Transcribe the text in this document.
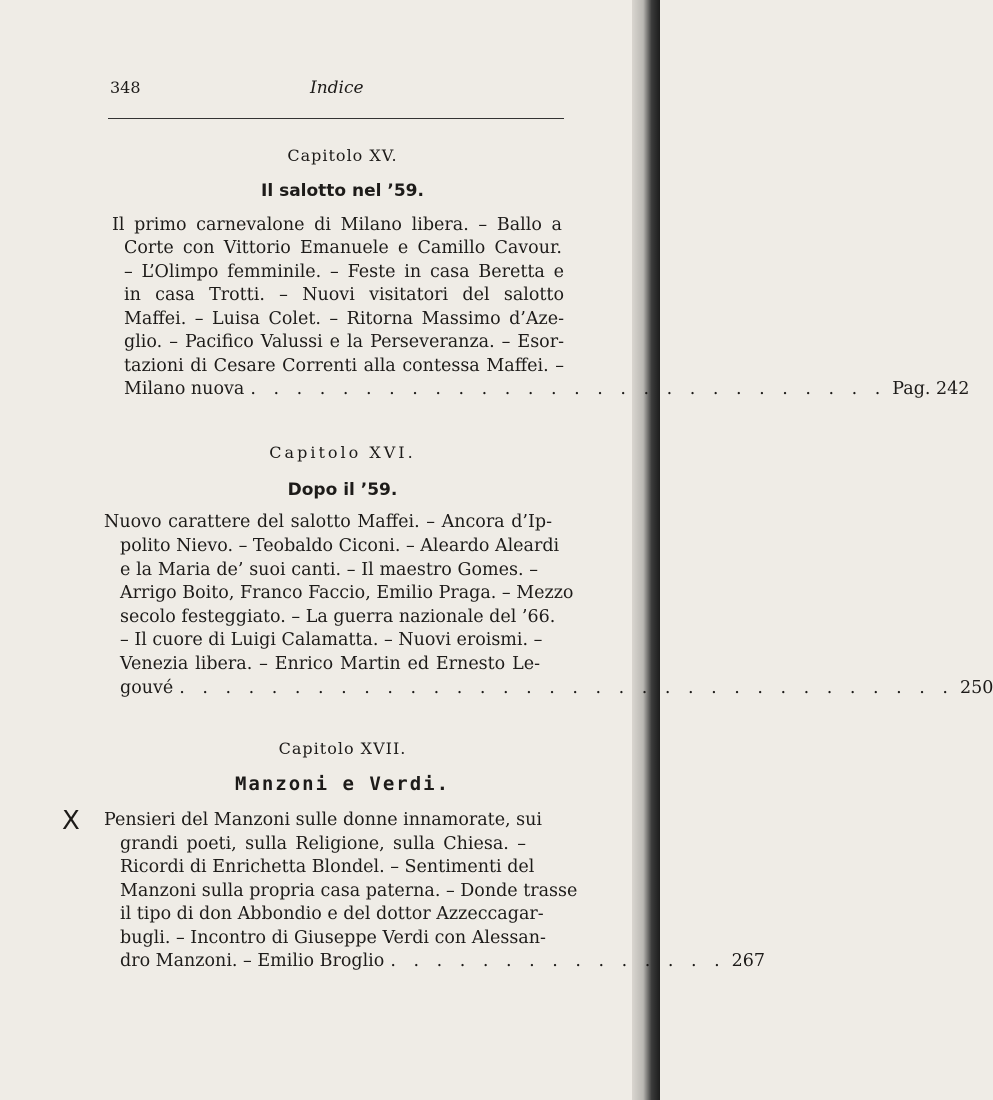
348	Indice
Capitolo XV.
Il salotto nel ’59.
Il primo carnevalone di Milano libera. – Ballo a
Corte con Vittorio Emanuele e Camillo Cavour.
– L’Olimpo femminile. – Feste in casa Beretta e
in casa Trotti. – Nuovi visitatori del salotto
Maffei. – Luisa Colet. – Ritorna Massimo d’Aze-
glio. – Pacifico Valussi e la Perseveranza. – Esor-
tazioni di Cesare Correnti alla contessa Maffei. –
Milano nuova . . . . . . . . . . . . . . . . . . . . . . . . . . . . Pag. 242
Capitolo XVI.
Dopo il ’59.
Nuovo carattere del salotto Maffei. – Ancora d’Ip-
polito Nievo. – Teobaldo Ciconi. – Aleardo Aleardi
e la Maria de’ suoi canti. – Il maestro Gomes. –
Arrigo Boito, Franco Faccio, Emilio Praga. – Mezzo
secolo festeggiato. – La guerra nazionale del ’66.
– Il cuore di Luigi Calamatta. – Nuovi eroismi. –
Venezia libera. – Enrico Martin ed Ernesto Le-
gouvé . . . . . . . . . . . . . . . . . . . . . . . . . . . . . . . . . . 250
Capitolo XVII.
Manzoni e Verdi.
X Pensieri del Manzoni sulle donne innamorate, sui
grandi poeti, sulla Religione, sulla Chiesa. –
Ricordi di Enrichetta Blondel. – Sentimenti del
Manzoni sulla propria casa paterna. – Donde trasse
il tipo di don Abbondio e del dottor Azzeccagar-
bugli. – Incontro di Giuseppe Verdi con Alessan-
dro Manzoni. – Emilio Broglio . . . . . . . . . . . . . . . 267
